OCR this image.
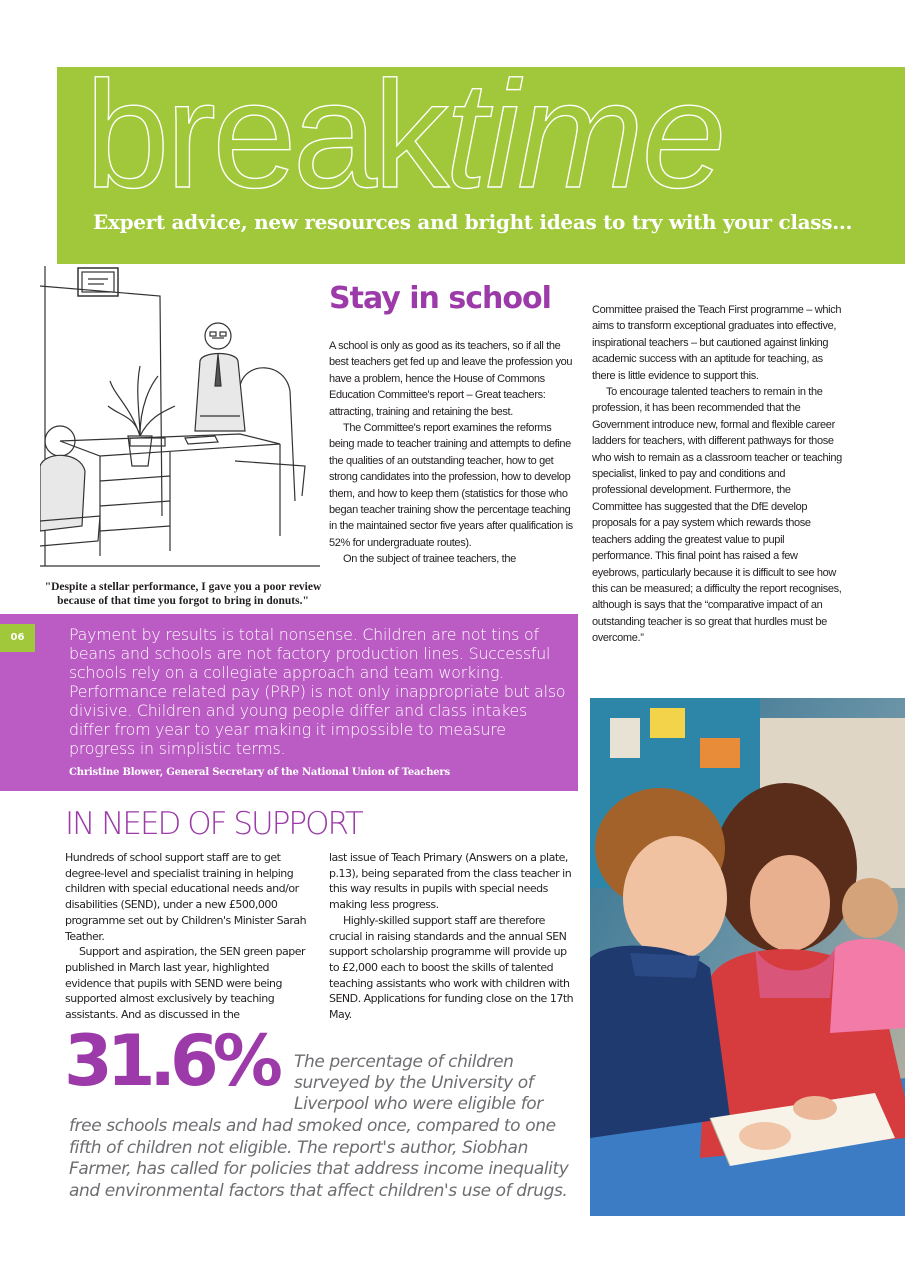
breaktime
Expert advice, new resources and bright ideas to try with your class...
"Despite a stellar performance, I gave you a poor review
because of that time you forgot to bring in donuts."
Stay in school

A school is only as good as its teachers, so if all the best teachers get fed up and leave the profession you have a problem, hence the House of Commons Education Committee's report – Great teachers: attracting, training and retaining the best.

The Committee's report examines the reforms being made to teacher training and attempts to define the qualities of an outstanding teacher, how to get strong candidates into the profession, how to develop them, and how to keep them (statistics for those who began teacher training show the percentage teaching in the maintained sector five years after qualification is 52% for undergraduate routes).

On the subject of trainee teachers, the

Committee praised the Teach First programme – which aims to transform exceptional graduates into effective, inspirational teachers – but cautioned against linking academic success with an aptitude for teaching, as there is little evidence to support this.

To encourage talented teachers to remain in the profession, it has been recommended that the Government introduce new, formal and flexible career ladders for teachers, with different pathways for those who wish to remain as a classroom teacher or teaching specialist, linked to pay and conditions and professional development. Furthermore, the Committee has suggested that the DfE develop proposals for a pay system which rewards those teachers adding the greatest value to pupil performance. This final point has raised a few eyebrows, particularly because it is difficult to see how this can be measured; a difficulty the report recognises, although is says that the “comparative impact of an outstanding teacher is so great that hurdles must be overcome.”

06	Payment by results is total nonsense. Children are not tins of beans and schools are not factory production lines. Successful schools rely on a collegiate approach and team working. Performance related pay (PRP) is not only inappropriate but also divisive. Children and young people differ and class intakes differ from year to year making it impossible to measure progress in simplistic terms.
Christine Blower, General Secretary of the National Union of Teachers
IN NEED OF SUPPORT

Hundreds of school support staff are to get degree-level and specialist training in helping children with special educational needs and/or disabilities (SEND), under a new £500,000 programme set out by Children's Minister Sarah Teather.

Support and aspiration, the SEN green paper published in March last year, highlighted evidence that pupils with SEND were being supported almost exclusively by teaching assistants. And as discussed in the

last issue of Teach Primary (Answers on a plate, p.13), being separated from the class teacher in this way results in pupils with special needs making less progress.

Highly-skilled support staff are therefore crucial in raising standards and the annual SEN support scholarship programme will provide up to £2,000 each to boost the skills of talented teaching assistants who work with children with SEND. Applications for funding close on the 17th May.

31.6% The percentage of children surveyed by the University of Liverpool who were eligible for
free schools meals and had smoked once, compared to one fifth of children not eligible. The report's author, Siobhan Farmer, has called for policies that address income inequality and environmental factors that affect children's use of drugs.
